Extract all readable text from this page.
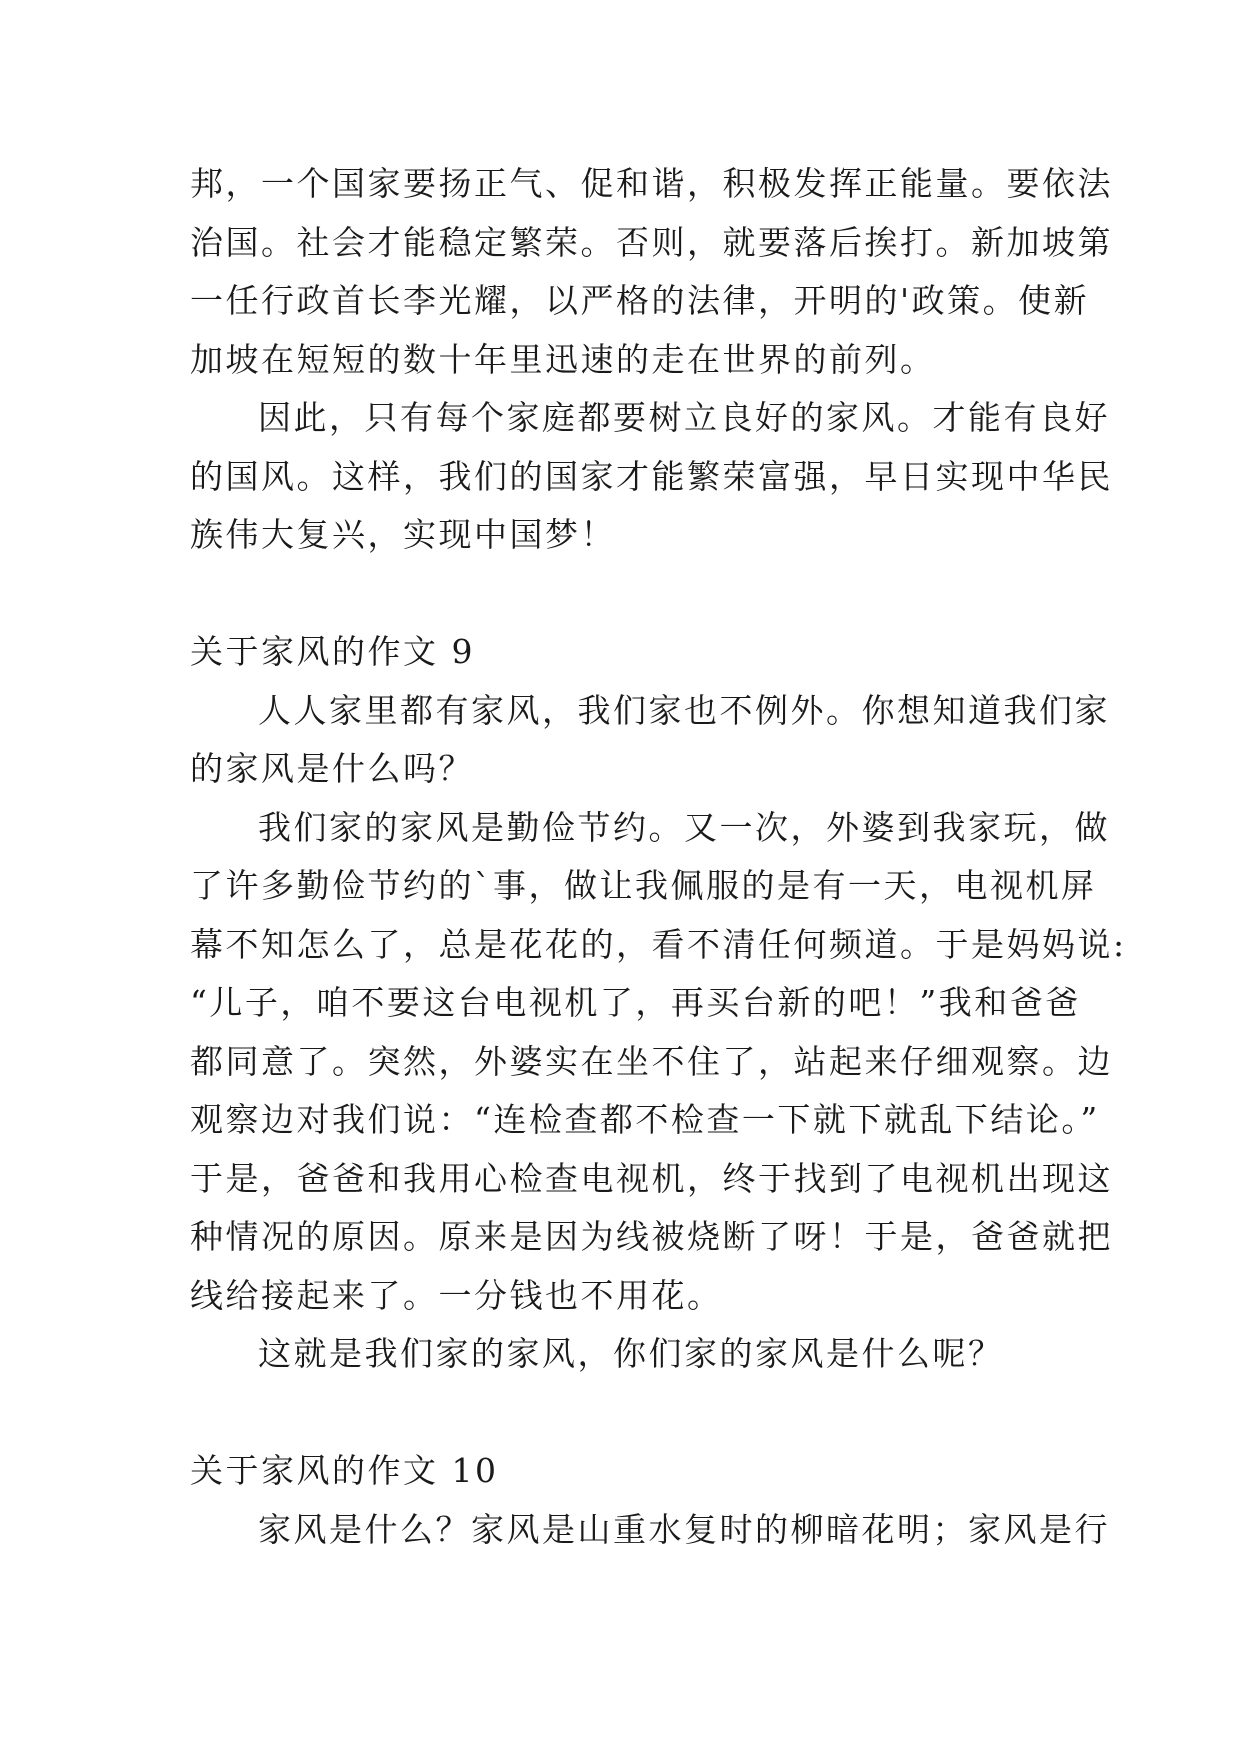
邦，一个国家要扬正气、促和谐，积极发挥正能量。要依法
治国。社会才能稳定繁荣。否则，就要落后挨打。新加坡第
一任行政首长李光耀，以严格的法律，开明的'政策。使新
加坡在短短的数十年里迅速的走在世界的前列。
因此，只有每个家庭都要树立良好的家风。才能有良好
的国风。这样，我们的国家才能繁荣富强，早日实现中华民
族伟大复兴，实现中国梦！
关于家风的作文 9
人人家里都有家风，我们家也不例外。你想知道我们家
的家风是什么吗？
我们家的家风是勤俭节约。又一次，外婆到我家玩，做
了许多勤俭节约的`事，做让我佩服的是有一天，电视机屏
幕不知怎么了，总是花花的，看不清任何频道。于是妈妈说:
“儿子，咱不要这台电视机了，再买台新的吧！”我和爸爸
都同意了。突然，外婆实在坐不住了，站起来仔细观察。边
观察边对我们说：“连检查都不检查一下就下就乱下结论。”
于是，爸爸和我用心检查电视机，终于找到了电视机出现这
种情况的原因。原来是因为线被烧断了呀！于是，爸爸就把
线给接起来了。一分钱也不用花。
这就是我们家的家风，你们家的家风是什么呢？
关于家风的作文 10
家风是什么？家风是山重水复时的柳暗花明；家风是行
